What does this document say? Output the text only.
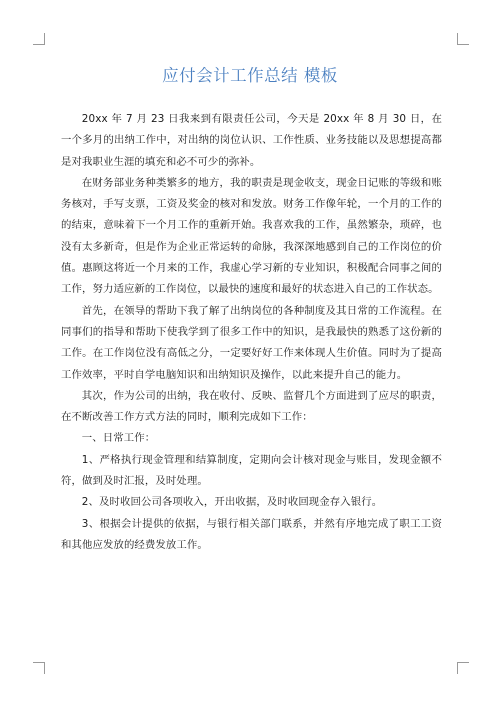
应付会计工作总结 模板

20xx 年 7 月 23 日我来到有限责任公司，今天是 20xx 年 8 月 30 日，在一个多月的出纳工作中，对出纳的岗位认识、工作性质、业务技能以及思想提高都是对我职业生涯的填充和必不可少的弥补。

在财务部业务种类繁多的地方，我的职责是现金收支，现金日记账的等级和账务核对，手写支票，工资及奖金的核对和发放。财务工作像年轮，一个月的工作的的结束，意味着下一个月工作的重新开始。我喜欢我的工作，虽然繁杂，琐碎，也没有太多新奇，但是作为企业正常运转的命脉，我深深地感到自己的工作岗位的价值。惠顾这将近一个月来的工作，我虚心学习新的专业知识，积极配合同事之间的工作，努力适应新的工作岗位，以最快的速度和最好的状态进入自己的工作状态。

首先，在领导的帮助下我了解了出纳岗位的各种制度及其日常的工作流程。在同事们的指导和帮助下使我学到了很多工作中的知识，是我最快的熟悉了这份新的工作。在工作岗位没有高低之分，一定要好好工作来体现人生价值。同时为了提高工作效率，平时自学电脑知识和出纳知识及操作，以此来提升自己的能力。

其次，作为公司的出纳，我在收付、反映、监督几个方面进到了应尽的职责，在不断改善工作方式方法的同时，顺利完成如下工作：

一、日常工作：

1、严格执行现金管理和结算制度，定期向会计核对现金与账目，发现金额不符，做到及时汇报，及时处理。

2、及时收回公司各项收入，开出收据，及时收回现金存入银行。

3、根据会计提供的依据，与银行相关部门联系，并然有序地完成了职工工资和其他应发放的经费发放工作。
